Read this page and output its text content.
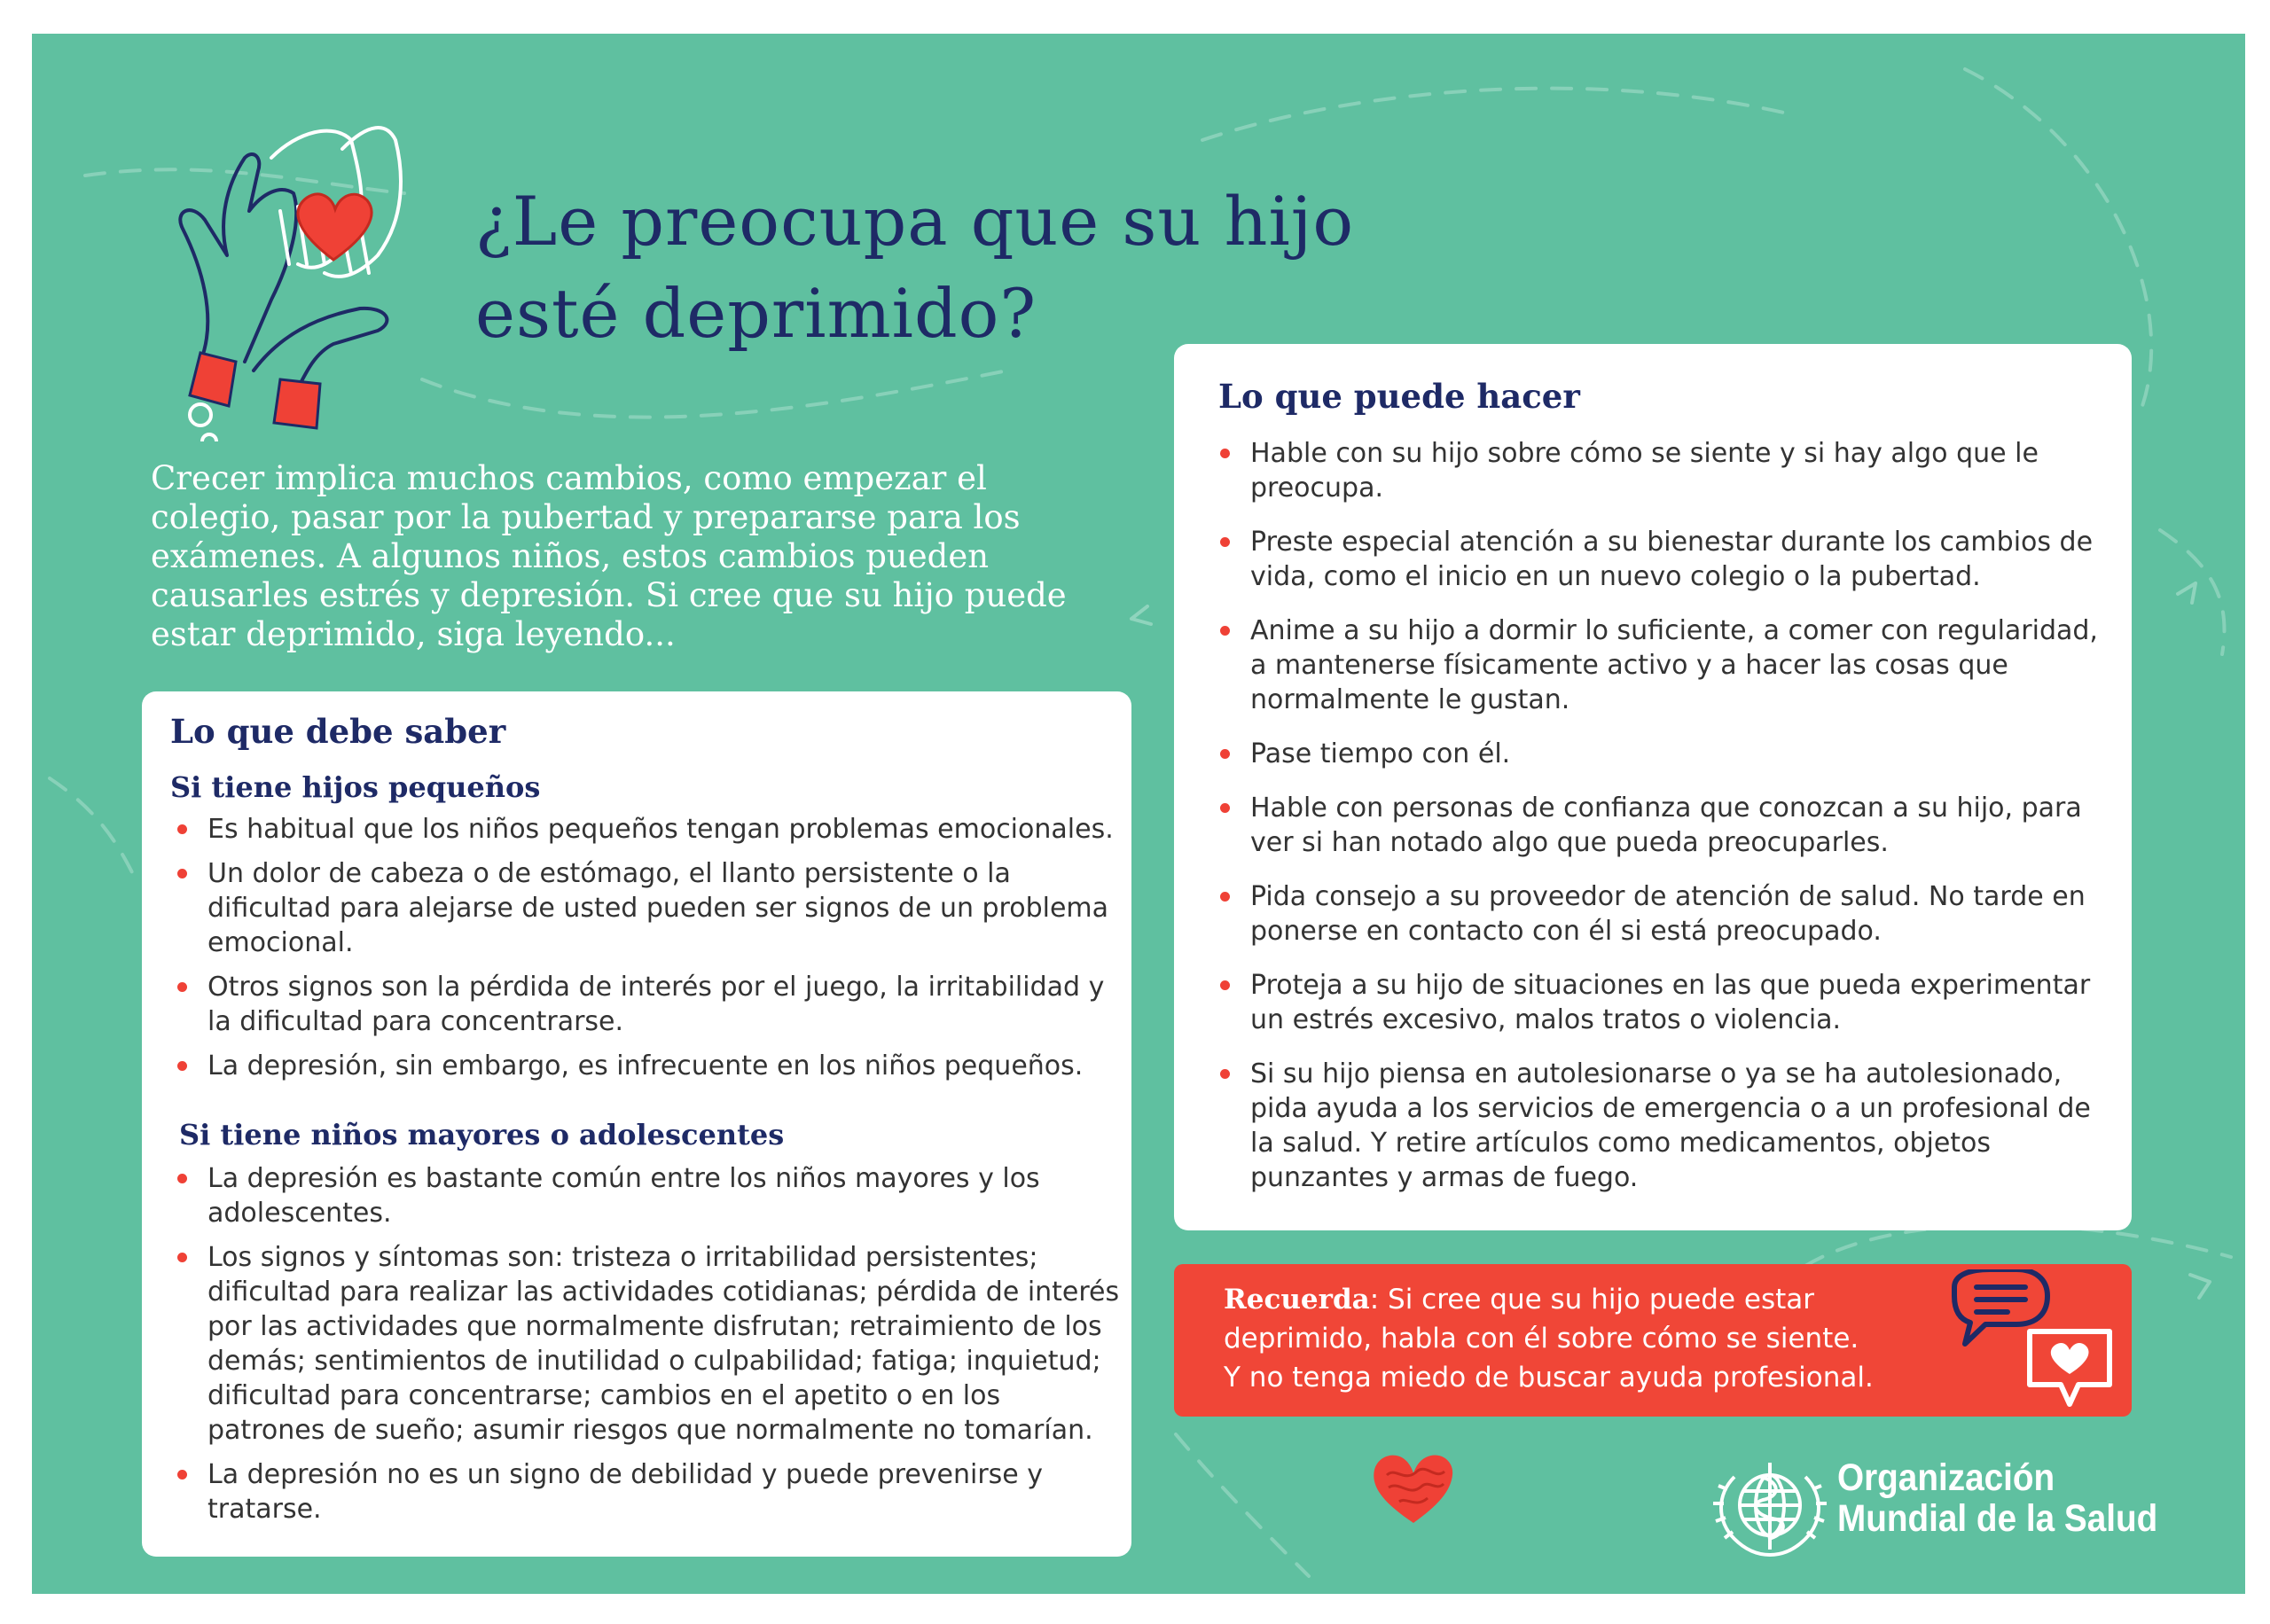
¿Le preocupa que su hijo
esté deprimido?

Crecer implica muchos cambios, como empezar el
colegio, pasar por la pubertad y prepararse para los
exámenes. A algunos niños, estos cambios pueden
causarles estrés y depresión. Si cree que su hijo puede
estar deprimido, siga leyendo...

Lo que debe saber
Si tiene hijos pequeños
Es habitual que los niños pequeños tengan problemas emocionales.
Un dolor de cabeza o de estómago, el llanto persistente o la
dificultad para alejarse de usted pueden ser signos de un problema
emocional.
Otros signos son la pérdida de interés por el juego, la irritabilidad y
la dificultad para concentrarse.
La depresión, sin embargo, es infrecuente en los niños pequeños.
Si tiene niños mayores o adolescentes
La depresión es bastante común entre los niños mayores y los
adolescentes.
Los signos y síntomas son: tristeza o irritabilidad persistentes;
dificultad para realizar las actividades cotidianas; pérdida de interés
por las actividades que normalmente disfrutan; retraimiento de los
demás; sentimientos de inutilidad o culpabilidad; fatiga; inquietud;
dificultad para concentrarse; cambios en el apetito o en los
patrones de sueño; asumir riesgos que normalmente no tomarían.
La depresión no es un signo de debilidad y puede prevenirse y
tratarse.
Lo que puede hacer
Hable con su hijo sobre cómo se siente y si hay algo que le
preocupa.
Preste especial atención a su bienestar durante los cambios de
vida, como el inicio en un nuevo colegio o la pubertad.
Anime a su hijo a dormir lo suficiente, a comer con regularidad,
a mantenerse físicamente activo y a hacer las cosas que
normalmente le gustan.
Pase tiempo con él.
Hable con personas de confianza que conozcan a su hijo, para
ver si han notado algo que pueda preocuparles.
Pida consejo a su proveedor de atención de salud. No tarde en
ponerse en contacto con él si está preocupado.
Proteja a su hijo de situaciones en las que pueda experimentar
un estrés excesivo, malos tratos o violencia.
Si su hijo piensa en autolesionarse o ya se ha autolesionado,
pida ayuda a los servicios de emergencia o a un profesional de
la salud. Y retire artículos como medicamentos, objetos
punzantes y armas de fuego.

Recuerda: Si cree que su hijo puede estar
deprimido, habla con él sobre cómo se siente.
Y no tenga miedo de buscar ayuda profesional.

Organización
Mundial de la Salud
